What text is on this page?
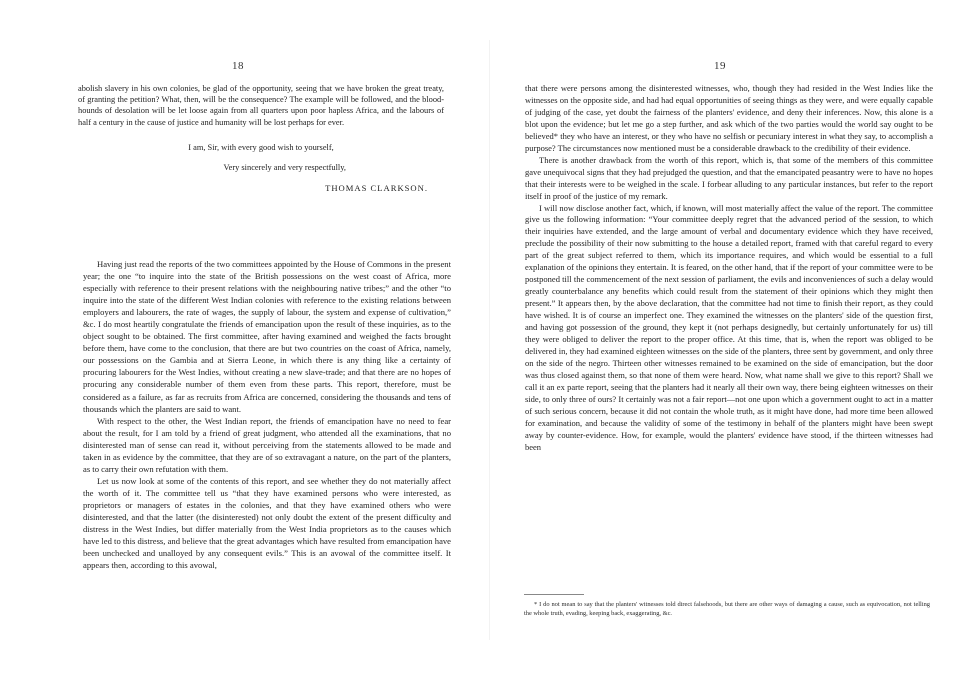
18

abolish slavery in his own colonies, be glad of the opportunity, seeing that we have broken the great treaty, of granting the petition? What, then, will be the consequence? The example will be followed, and the blood-hounds of desolation will be let loose again from all quarters upon poor hapless Africa, and the labours of half a century in the cause of justice and humanity will be lost perhaps for ever.

I am, Sir, with every good wish to yourself,

Very sincerely and very respectfully,

THOMAS CLARKSON.

Having just read the reports of the two committees appointed by the House of Commons in the present year; the one “to inquire into the state of the British possessions on the west coast of Africa, more especially with reference to their present relations with the neighbouring native tribes;” and the other “to inquire into the state of the different West Indian colonies with reference to the existing relations between employers and labourers, the rate of wages, the supply of labour, the system and expense of cultivation,” &c. I do most heartily congratulate the friends of emancipation upon the result of these inquiries, as to the object sought to be obtained. The first committee, after having examined and weighed the facts brought before them, have come to the conclusion, that there are but two countries on the coast of Africa, namely, our possessions on the Gambia and at Sierra Leone, in which there is any thing like a certainty of procuring labourers for the West Indies, without creating a new slave-trade; and that there are no hopes of procuring any considerable number of them even from these parts. This report, therefore, must be considered as a failure, as far as recruits from Africa are concerned, considering the thousands and tens of thousands which the planters are said to want.

With respect to the other, the West Indian report, the friends of emancipation have no need to fear about the result, for I am told by a friend of great judgment, who attended all the examinations, that no disinterested man of sense can read it, without perceiving from the statements allowed to be made and taken in as evidence by the committee, that they are of so extravagant a nature, on the part of the planters, as to carry their own refutation with them.

Let us now look at some of the contents of this report, and see whether they do not materially affect the worth of it. The committee tell us “that they have examined persons who were interested, as proprietors or managers of estates in the colonies, and that they have examined others who were disinterested, and that the latter (the disinterested) not only doubt the extent of the present difficulty and distress in the West Indies, but differ materially from the West India proprietors as to the causes which have led to this distress, and believe that the great advantages which have resulted from emancipation have been unchecked and unalloyed by any consequent evils.” This is an avowal of the committee itself. It appears then, according to this avowal,

19

that there were persons among the disinterested witnesses, who, though they had resided in the West Indies like the witnesses on the opposite side, and had had equal opportunities of seeing things as they were, and were equally capable of judging of the case, yet doubt the fairness of the planters' evidence, and deny their inferences. Now, this alone is a blot upon the evidence; but let me go a step further, and ask which of the two parties would the world say ought to be believed* they who have an interest, or they who have no selfish or pecuniary interest in what they say, to accomplish a purpose? The circumstances now mentioned must be a considerable drawback to the credibility of their evidence.

There is another drawback from the worth of this report, which is, that some of the members of this committee gave unequivocal signs that they had prejudged the question, and that the emancipated peasantry were to have no hopes that their interests were to be weighed in the scale. I forbear alluding to any particular instances, but refer to the report itself in proof of the justice of my remark.

I will now disclose another fact, which, if known, will most materially affect the value of the report. The committee give us the following information: “Your committee deeply regret that the advanced period of the session, to which their inquiries have extended, and the large amount of verbal and documentary evidence which they have received, preclude the possibility of their now submitting to the house a detailed report, framed with that careful regard to every part of the great subject referred to them, which its importance requires, and which would be essential to a full explanation of the opinions they entertain. It is feared, on the other hand, that if the report of your committee were to be postponed till the commencement of the next session of parliament, the evils and inconveniences of such a delay would greatly counterbalance any benefits which could result from the statement of their opinions which they might then present.” It appears then, by the above declaration, that the committee had not time to finish their report, as they could have wished. It is of course an imperfect one. They examined the witnesses on the planters' side of the question first, and having got possession of the ground, they kept it (not perhaps designedly, but certainly unfortunately for us) till they were obliged to deliver the report to the proper office. At this time, that is, when the report was obliged to be delivered in, they had examined eighteen witnesses on the side of the planters, three sent by government, and only three on the side of the negro. Thirteen other witnesses remained to be examined on the side of emancipation, but the door was thus closed against them, so that none of them were heard. Now, what name shall we give to this report? Shall we call it an ex parte report, seeing that the planters had it nearly all their own way, there being eighteen witnesses on their side, to only three of ours? It certainly was not a fair report—not one upon which a government ought to act in a matter of such serious concern, because it did not contain the whole truth, as it might have done, had more time been allowed for examination, and because the validity of some of the testimony in behalf of the planters might have been swept away by counter-evidence. How, for example, would the planters' evidence have stood, if the thirteen witnesses had been

* I do not mean to say that the planters' witnesses told direct falsehoods, but there are other ways of damaging a cause, such as equivocation, not telling the whole truth, evading, keeping back, exaggerating, &c.
